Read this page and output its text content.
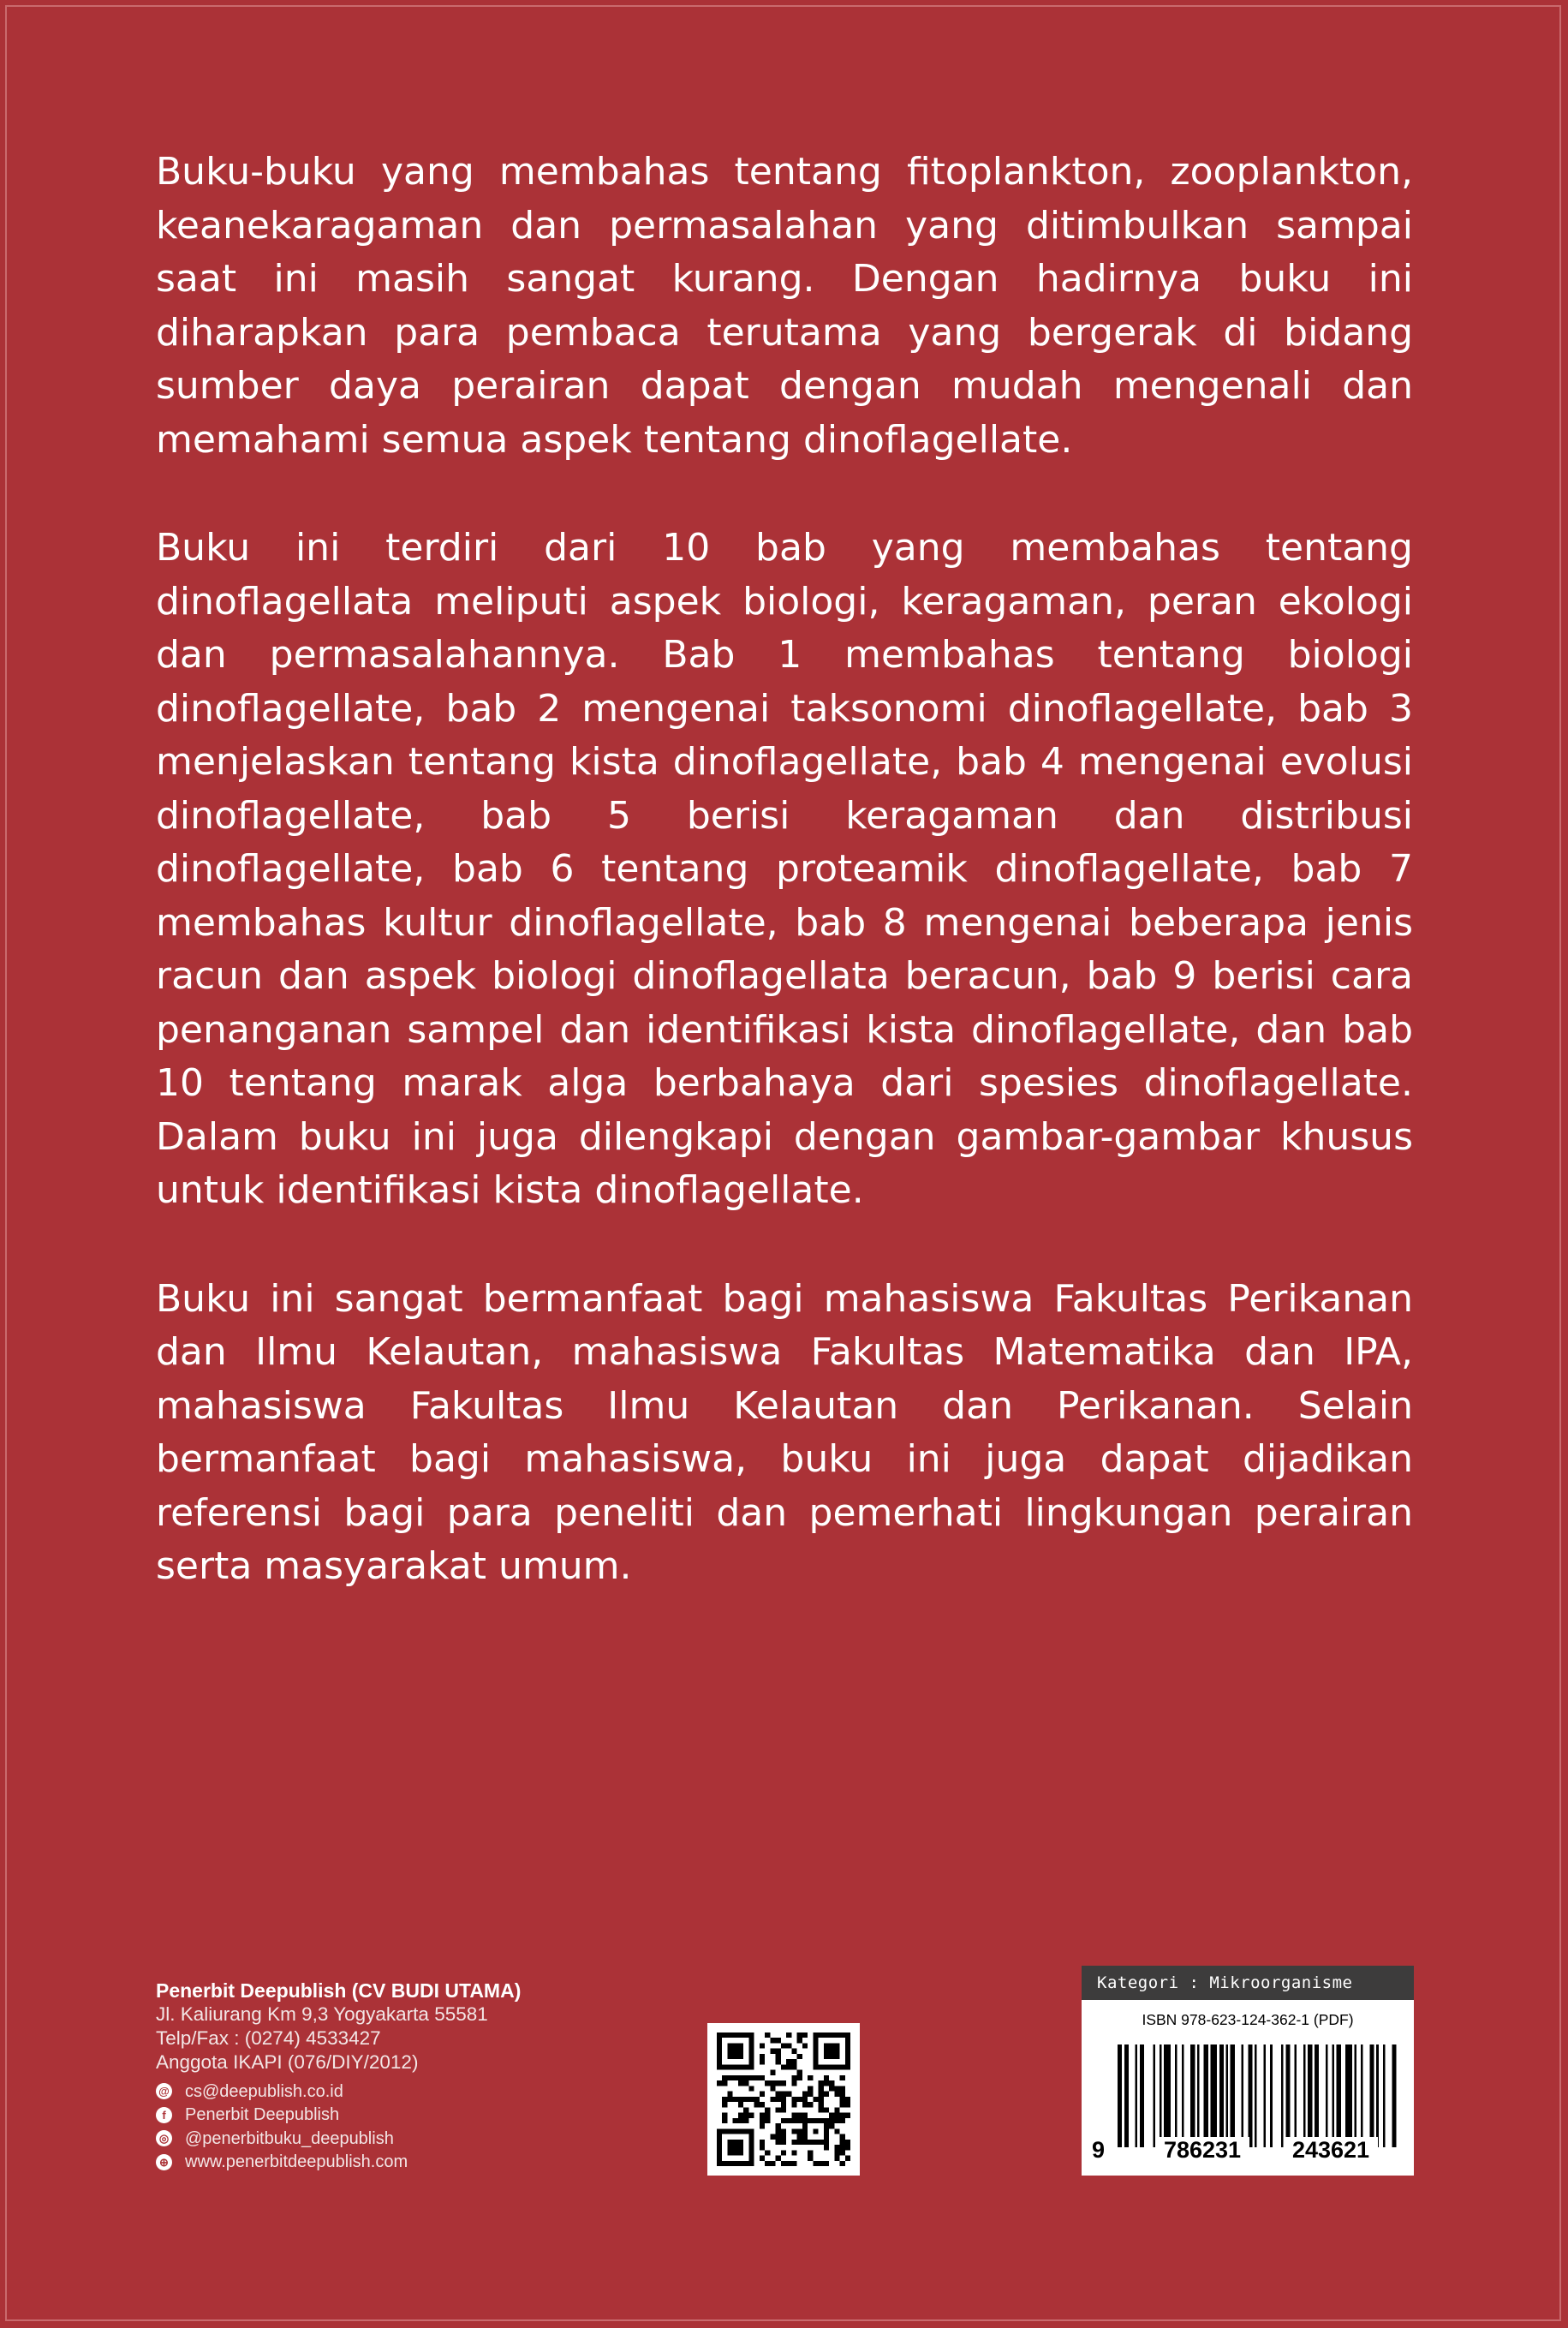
Buku-buku yang membahas tentang fitoplankton, zooplankton, keanekaragaman dan permasalahan yang ditimbulkan sampai saat ini masih sangat kurang. Dengan hadirnya buku ini diharapkan para pembaca terutama yang bergerak di bidang sumber daya perairan dapat dengan mudah mengenali dan memahami semua aspek tentang dinoflagellate.

Buku ini terdiri dari 10 bab yang membahas tentang dinoflagellata meliputi aspek biologi, keragaman, peran ekologi dan permasalahannya. Bab 1 membahas tentang biologi dinoflagellate, bab 2 mengenai taksonomi dinoflagellate, bab 3 menjelaskan tentang kista dinoflagellate, bab 4 mengenai evolusi dinoflagellate, bab 5 berisi keragaman dan distribusi dinoflagellate, bab 6 tentang proteamik dinoflagellate, bab 7 membahas kultur dinoflagellate, bab 8 mengenai beberapa jenis racun dan aspek biologi dinoflagellata beracun, bab 9 berisi cara penanganan sampel dan identifikasi kista dinoflagellate, dan bab 10 tentang marak alga berbahaya dari spesies dinoflagellate. Dalam buku ini juga dilengkapi dengan gambar-gambar khusus untuk identifikasi kista dinoflagellate.

Buku ini sangat bermanfaat bagi mahasiswa Fakultas Perikanan dan Ilmu Kelautan, mahasiswa Fakultas Matematika dan IPA, mahasiswa Fakultas Ilmu Kelautan dan Perikanan. Selain bermanfaat bagi mahasiswa, buku ini juga dapat dijadikan referensi bagi para peneliti dan pemerhati lingkungan perairan serta masyarakat umum.

Penerbit Deepublish (CV BUDI UTAMA)
Jl. Kaliurang Km 9,3 Yogyakarta 55581
Telp/Fax : (0274) 4533427
Anggota IKAPI (076/DIY/2012)
@ cs@deepublish.co.id
f	Penerbit Deepublish
◎ @penerbitbuku_deepublish
⊕ www.penerbitdeepublish.com
Kategori : Mikroorganisme
ISBN 978-623-124-362-1 (PDF)
9	786231	243621
